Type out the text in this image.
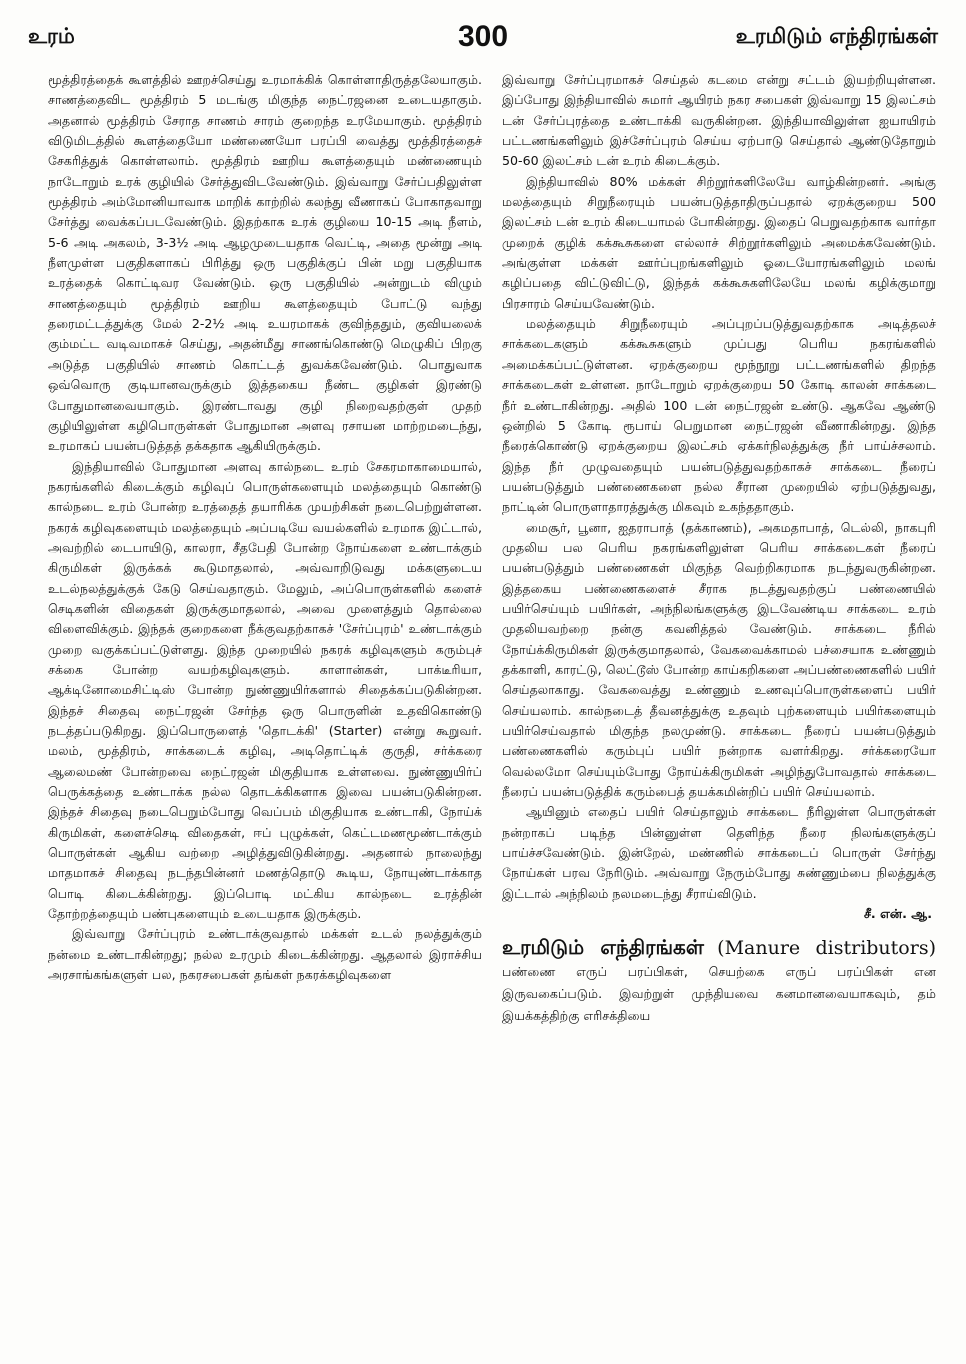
உரம்	300	உரமிடும் எந்திரங்கள்

மூத்திரத்தைக் கூளத்தில் ஊறச்செய்து உரமாக்கிக் கொள்ளாதிருத்தலேயாகும். சாணத்தைவிட மூத்திரம் 5 மடங்கு மிகுந்த நைட்ரஜனை உடையதாகும். அதனால் மூத்திரம் சேராத சாணம் சாரம் குறைந்த உரமேயாகும். மூத்திரம் விடுமிடத்தில் கூளத்தையோ மண்ணையோ பரப்பி வைத்து மூத்திரத்தைச் சேகரித்துக் கொள்ளலாம். மூத்திரம் ஊறிய கூளத்தையும் மண்ணையும் நாடோறும் உரக் குழியில் சேர்த்துவிடவேண்டும். இவ்வாறு சேர்ப்பதிலுள்ள மூத்திரம் அம்மோனியாவாக மாறிக் காற்றில் கலந்து வீணாகப் போகாதவாறு சேர்த்து வைக்கப்படவேண்டும். இதற்காக உரக் குழியை 10-15 அடி நீளம், 5-6 அடி அகலம், 3-3½ அடி ஆழமுடையதாக வெட்டி, அதை மூன்று அடி நீளமுள்ள பகுதிகளாகப் பிரித்து ஒரு பகுதிக்குப் பின் மறு பகுதியாக உரத்தைக் கொட்டிவர வேண்டும். ஒரு பகுதியில் அன்றுடம் விழும் சாணத்தையும் மூத்திரம் ஊறிய கூளத்தையும் போட்டு வந்து தரைமட்டத்துக்கு மேல் 2-2½ அடி உயரமாகக் குவிந்ததும், குவியலைக் கும்மட்ட வடிவமாகச் செய்து, அதன்மீது சாணங்கொண்டு மெழுகிப் பிறகு அடுத்த பகுதியில் சாணம் கொட்டத் துவக்கவேண்டும். பொதுவாக ஒவ்வொரு குடியானவருக்கும் இத்தகைய நீண்ட குழிகள் இரண்டு போதுமானவையாகும். இரண்டாவது குழி நிறைவதற்குள் முதற் குழியிலுள்ள கழிபொருள்கள் போதுமான அளவு ரசாயன மாற்றமடைந்து, உரமாகப் பயன்படுத்தத் தக்கதாக ஆகியிருக்கும்.

இந்தியாவில் போதுமான அளவு கால்நடை உரம் சேகரமாகாமையால், நகரங்களில் கிடைக்கும் கழிவுப் பொருள்களையும் மலத்தையும் கொண்டு கால்நடை உரம் போன்ற உரத்தைத் தயாரிக்க முயற்சிகள் நடைபெற்றுள்ளன. நகரக் கழிவுகளையும் மலத்தையும் அப்படியே வயல்களில் உரமாக இட்டால், அவற்றில் டைபாயிடு, காலரா, சீதபேதி போன்ற நோய்களை உண்டாக்கும் கிருமிகள் இருக்கக் கூடுமாதலால், அவ்வாறிடுவது மக்களுடைய உடல்நலத்துக்குக் கேடு செய்வதாகும். மேலும், அப்பொருள்களில் களைச் செடிகளின் விதைகள் இருக்குமாதலால், அவை முளைத்தும் தொல்லை விளைவிக்கும். இந்தக் குறைகளை நீக்குவதற்காகச் 'சேர்ப்புரம்' உண்டாக்கும் முறை வகுக்கப்பட்டுள்ளது. இந்த முறையில் நகரக் கழிவுகளும் கரும்புச் சக்கை போன்ற வயற்கழிவுகளும். காளான்கள், பாக்டீரியா, ஆக்டினோமைசிட்டிஸ் போன்ற நுண்ணுயிர்களால் சிதைக்கப்படுகின்றன. இந்தச் சிதைவு நைட்ரஜன் சேர்ந்த ஒரு பொருளின் உதவிகொண்டு நடத்தப்படுகிறது. இப்பொருளைத் 'தொடக்கி' (Starter) என்று கூறுவர். மலம், மூத்திரம், சாக்கடைக் கழிவு, அடிதொட்டிக் குருதி, சர்க்கரை ஆலைமண் போன்றவை நைட்ரஜன் மிகுதியாக உள்ளவை. நுண்ணுயிர்ப் பெருக்கத்தை உண்டாக்க நல்ல தொடக்கிகளாக இவை பயன்படுகின்றன. இந்தச் சிதைவு நடைபெறும்போது வெப்பம் மிகுதியாக உண்டாகி, நோய்க் கிருமிகள், களைச்செடி விதைகள், ஈப் புழுக்கள், கெட்டமணமூண்டாக்கும் பொருள்கள் ஆகிய வற்றை அழித்துவிடுகின்றது. அதனால் நாலைந்து மாதமாகச் சிதைவு நடந்தபின்னர் மணத்தொடு கூடிய, நோயுண்டாக்காத பொடி கிடைக்கின்றது. இப்பொடி மட்கிய கால்நடை உரத்தின் தோற்றத்தையும் பண்புகளையும் உடையதாக இருக்கும்.

இவ்வாறு சேர்ப்புரம் உண்டாக்குவதால் மக்கள் உடல் நலத்துக்கும் நன்மை உண்டாகின்றது; நல்ல உரமும் கிடைக்கின்றது. ஆதலால் இராச்சிய அரசாங்கங்களுள் பல, நகரசபைகள் தங்கள் நகரக்கழிவுகளை

இவ்வாறு சேர்ப்புரமாகச் செய்தல் கடமை என்று சட்டம் இயற்றியுள்ளன. இப்போது இந்தியாவில் சுமார் ஆயிரம் நகர சபைகள் இவ்வாறு 15 இலட்சம் டன் சேர்ப்புரத்தை உண்டாக்கி வருகின்றன. இந்தியாவிலுள்ள ஐயாயிரம் பட்டணங்களிலும் இச்சேர்ப்புரம் செய்ய ஏற்பாடு செய்தால் ஆண்டுதோறும் 50-60 இலட்சம் டன் உரம் கிடைக்கும்.

இந்தியாவில் 80% மக்கள் சிற்றூர்களிலேயே வாழ்கின்றனர். அங்கு மலத்தையும் சிறுநீரையும் பயன்படுத்தாதிருப்பதால் ஏறக்குறைய 500 இலட்சம் டன் உரம் கிடையாமல் போகின்றது. இதைப் பெறுவதற்காக வார்தா முறைக் குழிக் கக்கூசுகளை எல்லாச் சிற்றூர்களிலும் அமைக்கவேண்டும். அங்குள்ள மக்கள் ஊர்ப்புறங்களிலும் ஓடையோரங்களிலும் மலங் கழிப்பதை விட்டுவிட்டு, இந்தக் கக்கூசுகளிலேயே மலங் கழிக்குமாறு பிரசாரம் செய்யவேண்டும்.

மலத்தையும் சிறுநீரையும் அப்புறப்படுத்துவதற்காக அடித்தலச் சாக்கடைகளும் கக்கூசுகளும் முப்பது பெரிய நகரங்களில் அமைக்கப்பட்டுள்ளன. ஏறக்குறைய மூந்நூறு பட்டணங்களில் திறந்த சாக்கடைகள் உள்ளன. நாடோறும் ஏறக்குறைய 50 கோடி காலன் சாக்கடை நீர் உண்டாகின்றது. அதில் 100 டன் நைட்ரஜன் உண்டு. ஆகவே ஆண்டு ஒன்றில் 5 கோடி ரூபாய் பெறுமான நைட்ரஜன் வீணாகின்றது. இந்த நீரைக்கொண்டு ஏறக்குறைய இலட்சம் ஏக்கர்நிலத்துக்கு நீர் பாய்ச்சலாம். இந்த நீர் முழுவதையும் பயன்படுத்துவதற்காகச் சாக்கடை நீரைப் பயன்படுத்தும் பண்ணைகளை நல்ல சீரான முறையில் ஏற்படுத்துவது, நாட்டின் பொருளாதாரத்துக்கு மிகவும் உகந்ததாகும்.

மைசூர், பூனா, ஐதராபாத் (தக்காணம்), அகமதாபாத், டெல்லி, நாகபுரி முதலிய பல பெரிய நகரங்களிலுள்ள பெரிய சாக்கடைகள் நீரைப் பயன்படுத்தும் பண்ணைகள் மிகுந்த வெற்றிகரமாக நடந்துவருகின்றன. இத்தகைய பண்ணைகளைச் சீராக நடத்துவதற்குப் பண்ணையில் பயிர்செய்யும் பயிர்கள், அந்நிலங்களுக்கு இடவேண்டிய சாக்கடை உரம் முதலியவற்றை நன்கு கவனித்தல் வேண்டும். சாக்கடை நீரில் நோய்க்கிருமிகள் இருக்குமாதலால், வேகவைக்காமல் பச்சையாக உண்ணும் தக்காளி, காரட்டு, லெட்டூஸ் போன்ற காய்கறிகளை அப்பண்ணைகளில் பயிர் செய்தலாகாது. வேகவைத்து உண்ணும் உணவுப்பொருள்களைப் பயிர் செய்யலாம். கால்நடைத் தீவனத்துக்கு உதவும் புற்களையும் பயிர்களையும் பயிர்செய்வதால் மிகுந்த நலமுண்டு. சாக்கடை நீரைப் பயன்படுத்தும் பண்ணைகளில் கரும்புப் பயிர் நன்றாக வளர்கிறது. சர்க்கரையோ வெல்லமோ செய்யும்போது நோய்க்கிருமிகள் அழிந்துபோவதால் சாக்கடை நீரைப் பயன்படுத்திக் கரும்பைத் தயக்கமின்றிப் பயிர் செய்யலாம்.

ஆயினும் எதைப் பயிர் செய்தாலும் சாக்கடை நீரிலுள்ள பொருள்கள் நன்றாகப் படிந்த பின்னுள்ள தெளிந்த நீரை நிலங்களுக்குப் பாய்ச்சவேண்டும். இன்றேல், மண்ணில் சாக்கடைப் பொருள் சேர்ந்து நோய்கள் பரவ நேரிடும். அவ்வாறு நேரும்போது சுண்ணும்பை நிலத்துக்கு இட்டால் அந்நிலம் நலமடைந்து சீராய்விடும்.

சீ. என். ஆ.

உரமிடும் எந்திரங்கள் (Manure distributors) பண்ணை எருப் பரப்பிகள், செயற்கை எருப் பரப்பிகள் என இருவகைப்படும். இவற்றுள் முந்தியவை கனமானவையாகவும், தம் இயக்கத்திற்கு எரிசக்தியை
